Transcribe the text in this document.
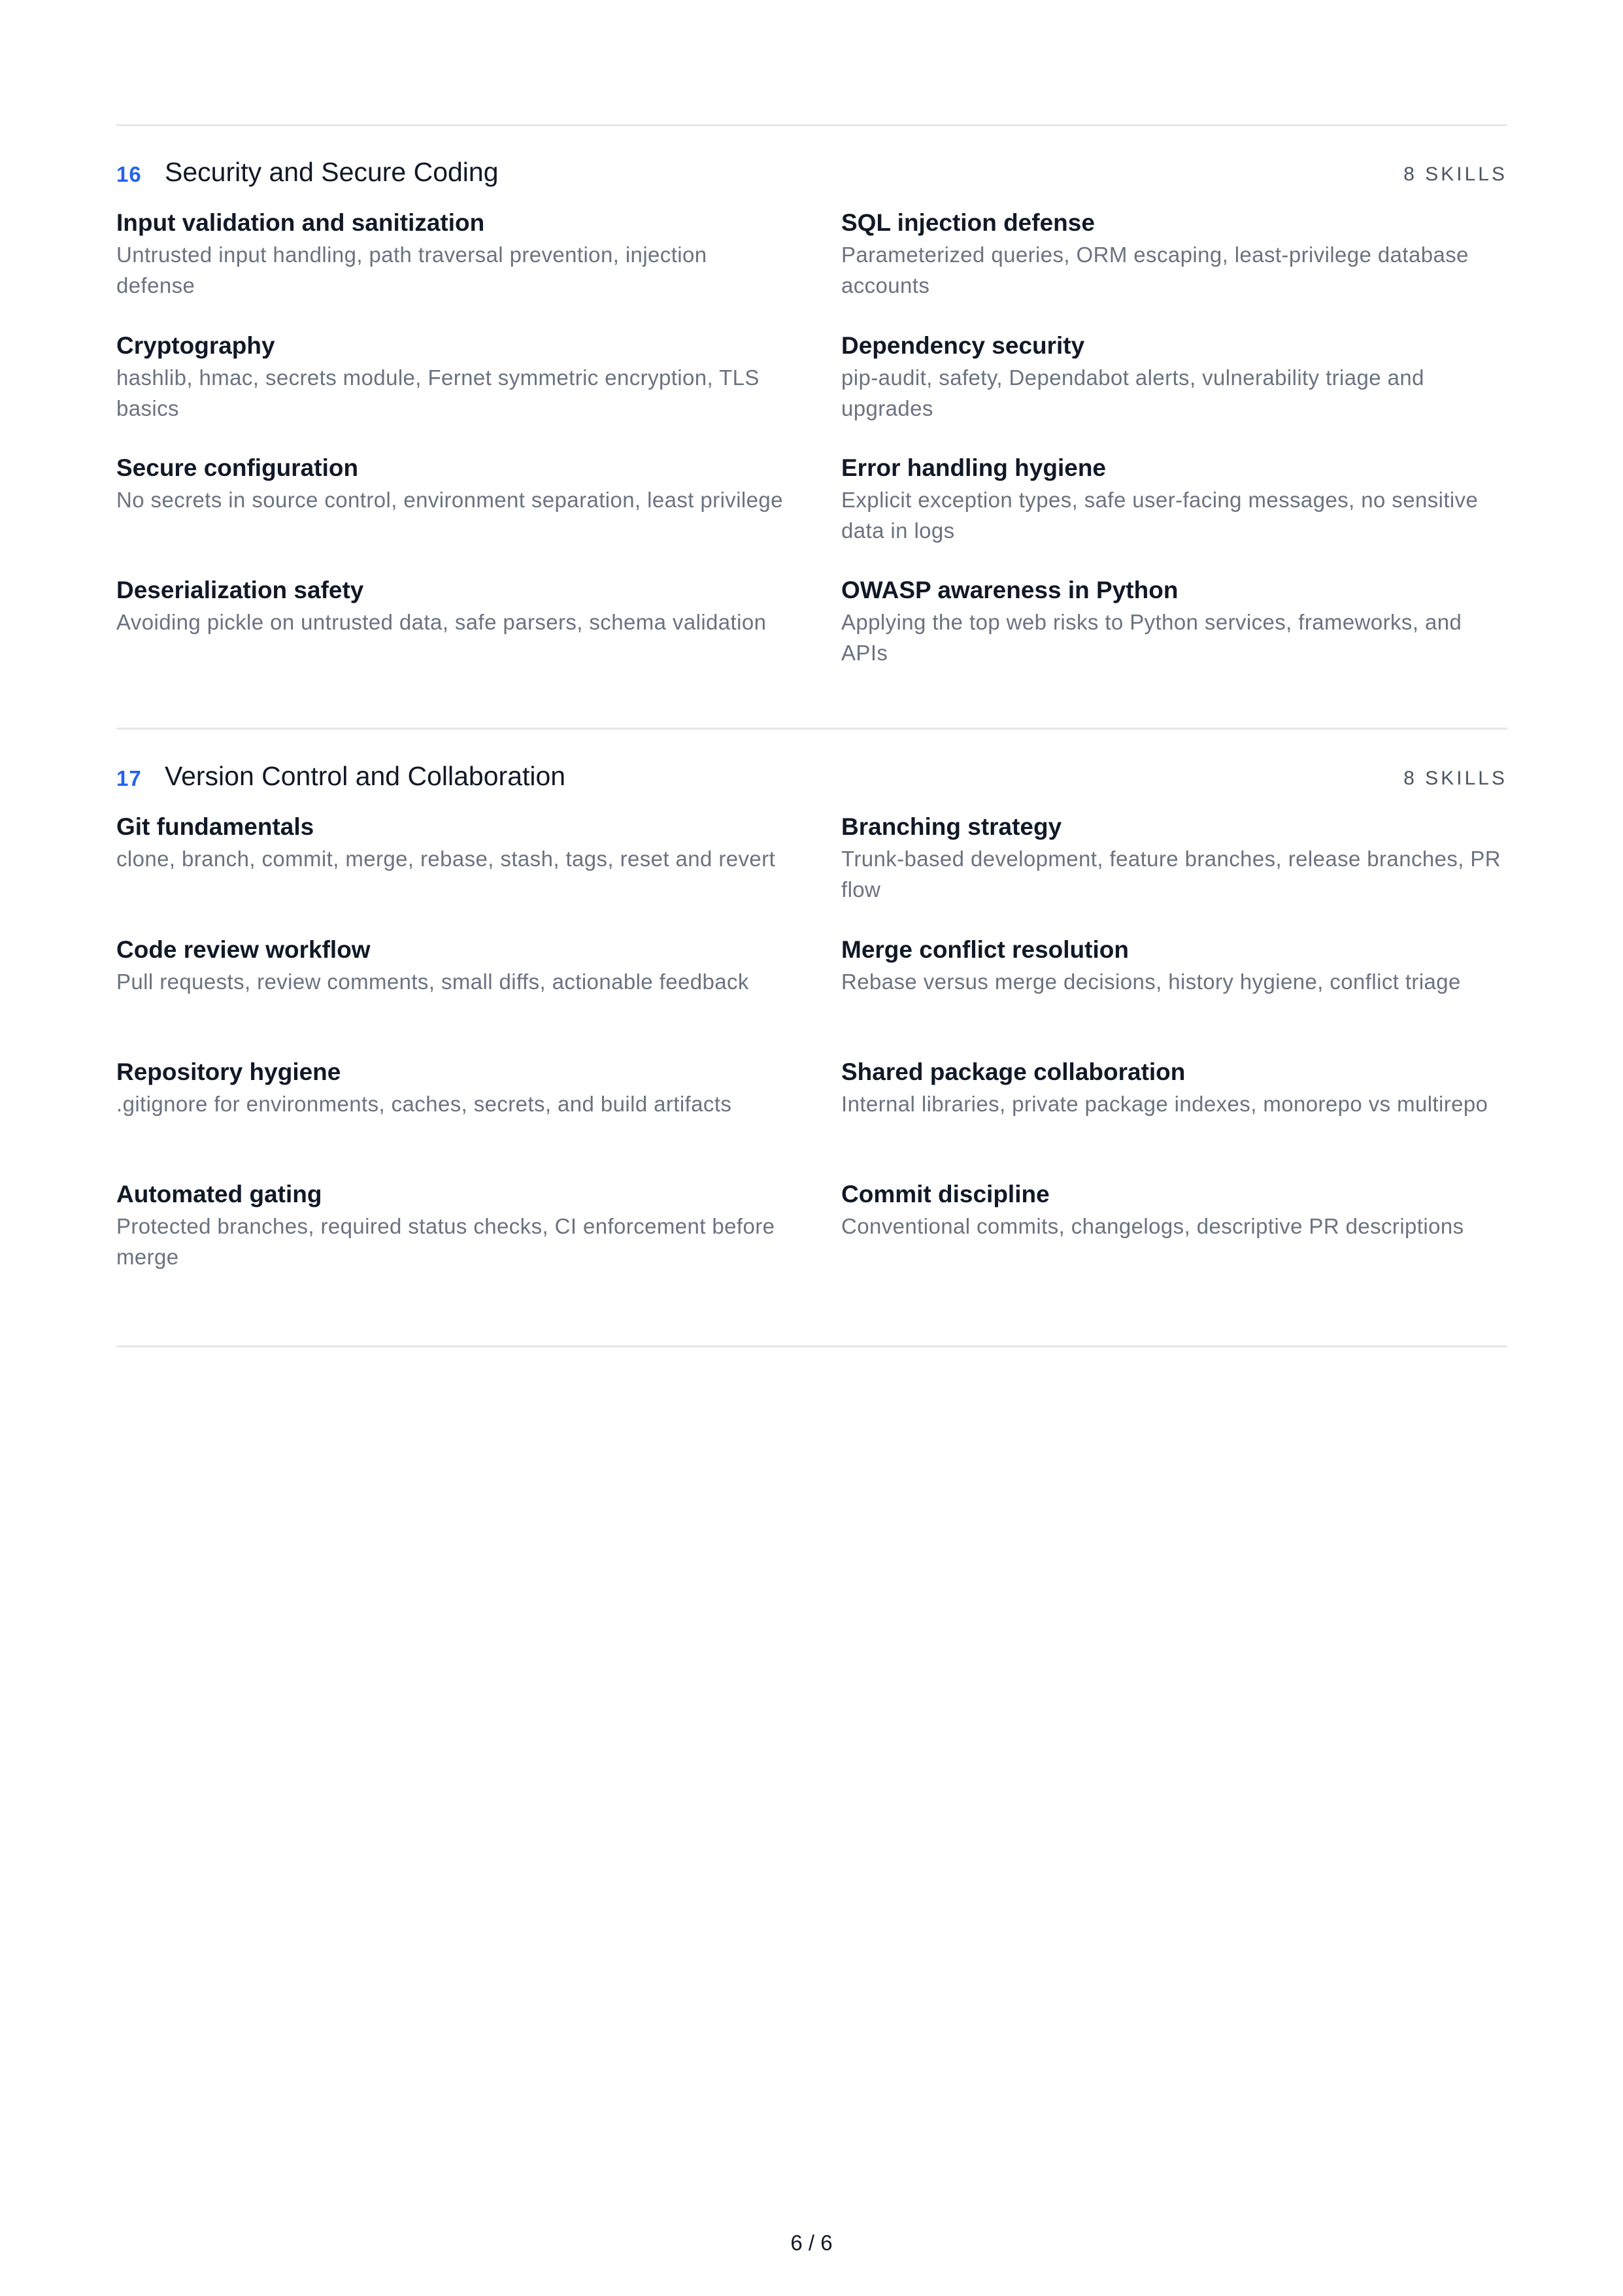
16 Security and Secure Coding	8 SKILLS
Input validation and sanitization
Untrusted input handling, path traversal prevention, injection defense
SQL injection defense
Parameterized queries, ORM escaping, least-privilege database accounts
Cryptography
hashlib, hmac, secrets module, Fernet symmetric encryption, TLS basics
Dependency security
pip-audit, safety, Dependabot alerts, vulnerability triage and upgrades
Secure configuration
No secrets in source control, environment separation, least privilege
Error handling hygiene
Explicit exception types, safe user-facing messages, no sensitive data in logs
Deserialization safety
Avoiding pickle on untrusted data, safe parsers, schema validation
OWASP awareness in Python
Applying the top web risks to Python services, frameworks, and APIs
17 Version Control and Collaboration	8 SKILLS
Git fundamentals
clone, branch, commit, merge, rebase, stash, tags, reset and revert
Branching strategy
Trunk-based development, feature branches, release branches, PR flow
Code review workflow
Pull requests, review comments, small diffs, actionable feedback
Merge conflict resolution
Rebase versus merge decisions, history hygiene, conflict triage
Repository hygiene
.gitignore for environments, caches, secrets, and build artifacts
Shared package collaboration
Internal libraries, private package indexes, monorepo vs multirepo
Automated gating
Protected branches, required status checks, CI enforcement before merge
Commit discipline
Conventional commits, changelogs, descriptive PR descriptions
6 / 6
